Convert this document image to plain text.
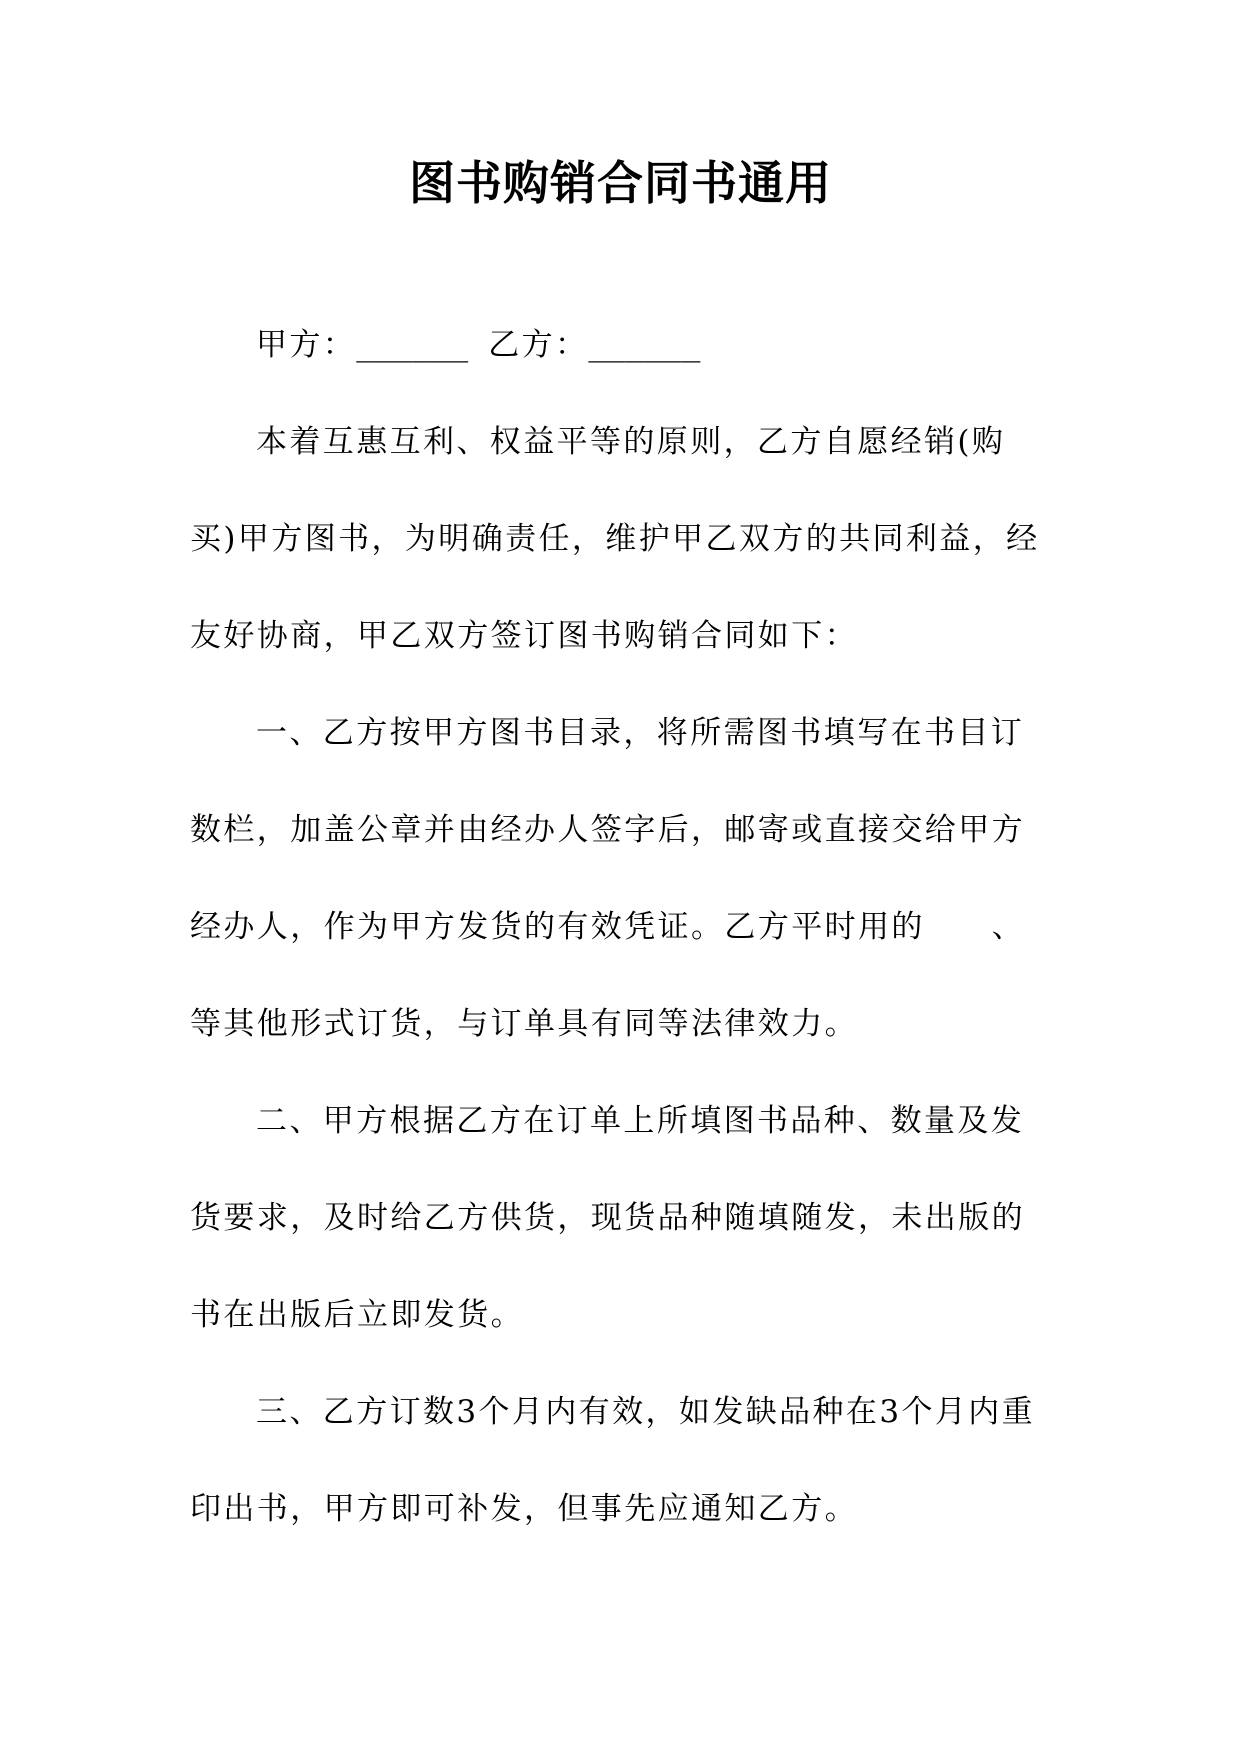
图书购销合同书通用

甲方：______ 乙方：______

本着互惠互利、权益平等的原则，乙方自愿经销(购买)甲方图书，为明确责任，维护甲乙双方的共同利益，经友好协商，甲乙双方签订图书购销合同如下：

一、乙方按甲方图书目录，将所需图书填写在书目订数栏，加盖公章并由经办人签字后，邮寄或直接交给甲方经办人，作为甲方发货的有效凭证。乙方平时用的　　、　　等其他形式订货，与订单具有同等法律效力。

二、甲方根据乙方在订单上所填图书品种、数量及发货要求，及时给乙方供货，现货品种随填随发，未出版的书在出版后立即发货。

三、乙方订数3个月内有效，如发缺品种在3个月内重印出书，甲方即可补发，但事先应通知乙方。
